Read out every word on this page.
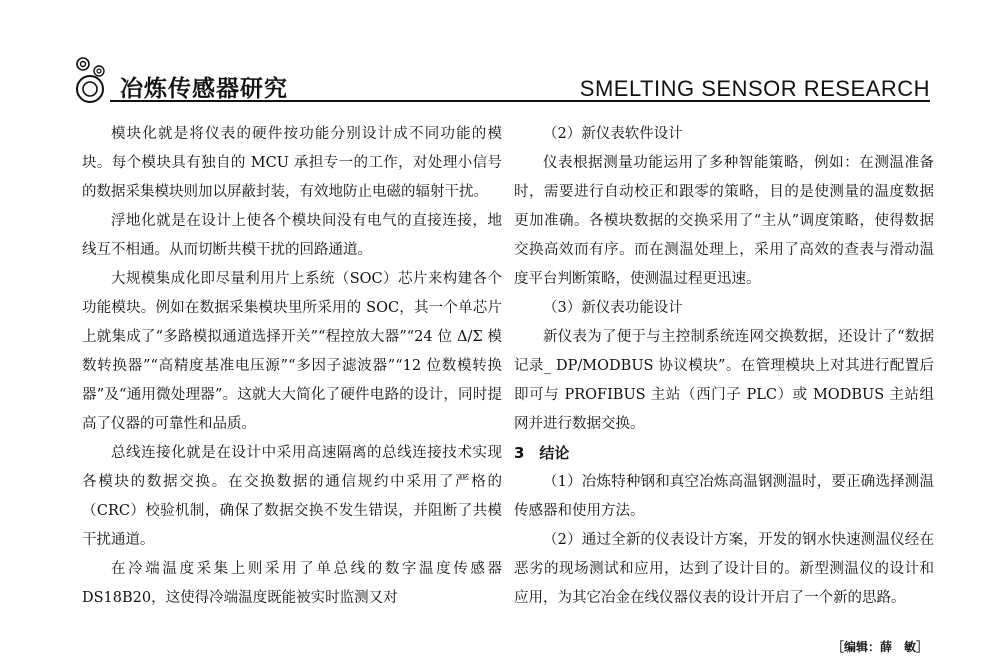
冶炼传感器研究	SMELTING SENSOR RESEARCH

模块化就是将仪表的硬件按功能分别设计成不同功能的模块。每个模块具有独自的 MCU 承担专一的工作，对处理小信号的数据采集模块则加以屏蔽封装，有效地防止电磁的辐射干扰。

浮地化就是在设计上使各个模块间没有电气的直接连接，地线互不相通。从而切断共模干扰的回路通道。

大规模集成化即尽量利用片上系统（SOC）芯片来构建各个功能模块。例如在数据采集模块里所采用的 SOC，其一个单芯片上就集成了“多路模拟通道选择开关”“程控放大器”“24 位 Δ/Σ 模数转换器”“高精度基准电压源”“多因子滤波器”“12 位数模转换器”及“通用微处理器”。这就大大简化了硬件电路的设计，同时提高了仪器的可靠性和品质。

总线连接化就是在设计中采用高速隔离的总线连接技术实现各模块的数据交换。在交换数据的通信规约中采用了严格的（CRC）校验机制，确保了数据交换不发生错误，并阻断了共模干扰通道。

在冷端温度采集上则采用了单总线的数字温度传感器 DS18B20，这使得冷端温度既能被实时监测又对

（2）新仪表软件设计

仪表根据测量功能运用了多种智能策略，例如：在测温准备时，需要进行自动校正和跟零的策略，目的是使测量的温度数据更加准确。各模块数据的交换采用了“主从”调度策略，使得数据交换高效而有序。而在测温处理上，采用了高效的查表与滑动温度平台判断策略，使测温过程更迅速。

（3）新仪表功能设计

新仪表为了便于与主控制系统连网交换数据，还设计了“数据记录_ DP/MODBUS 协议模块”。在管理模块上对其进行配置后即可与 PROFIBUS 主站（西门子 PLC）或 MODBUS 主站组网并进行数据交换。

3　结论

（1）冶炼特种钢和真空冶炼高温钢测温时，要正确选择测温传感器和使用方法。

（2）通过全新的仪表设计方案，开发的钢水快速测温仪经在恶劣的现场测试和应用，达到了设计目的。新型测温仪的设计和应用，为其它冶金在线仪器仪表的设计开启了一个新的思路。

［编辑：薛　敏］
